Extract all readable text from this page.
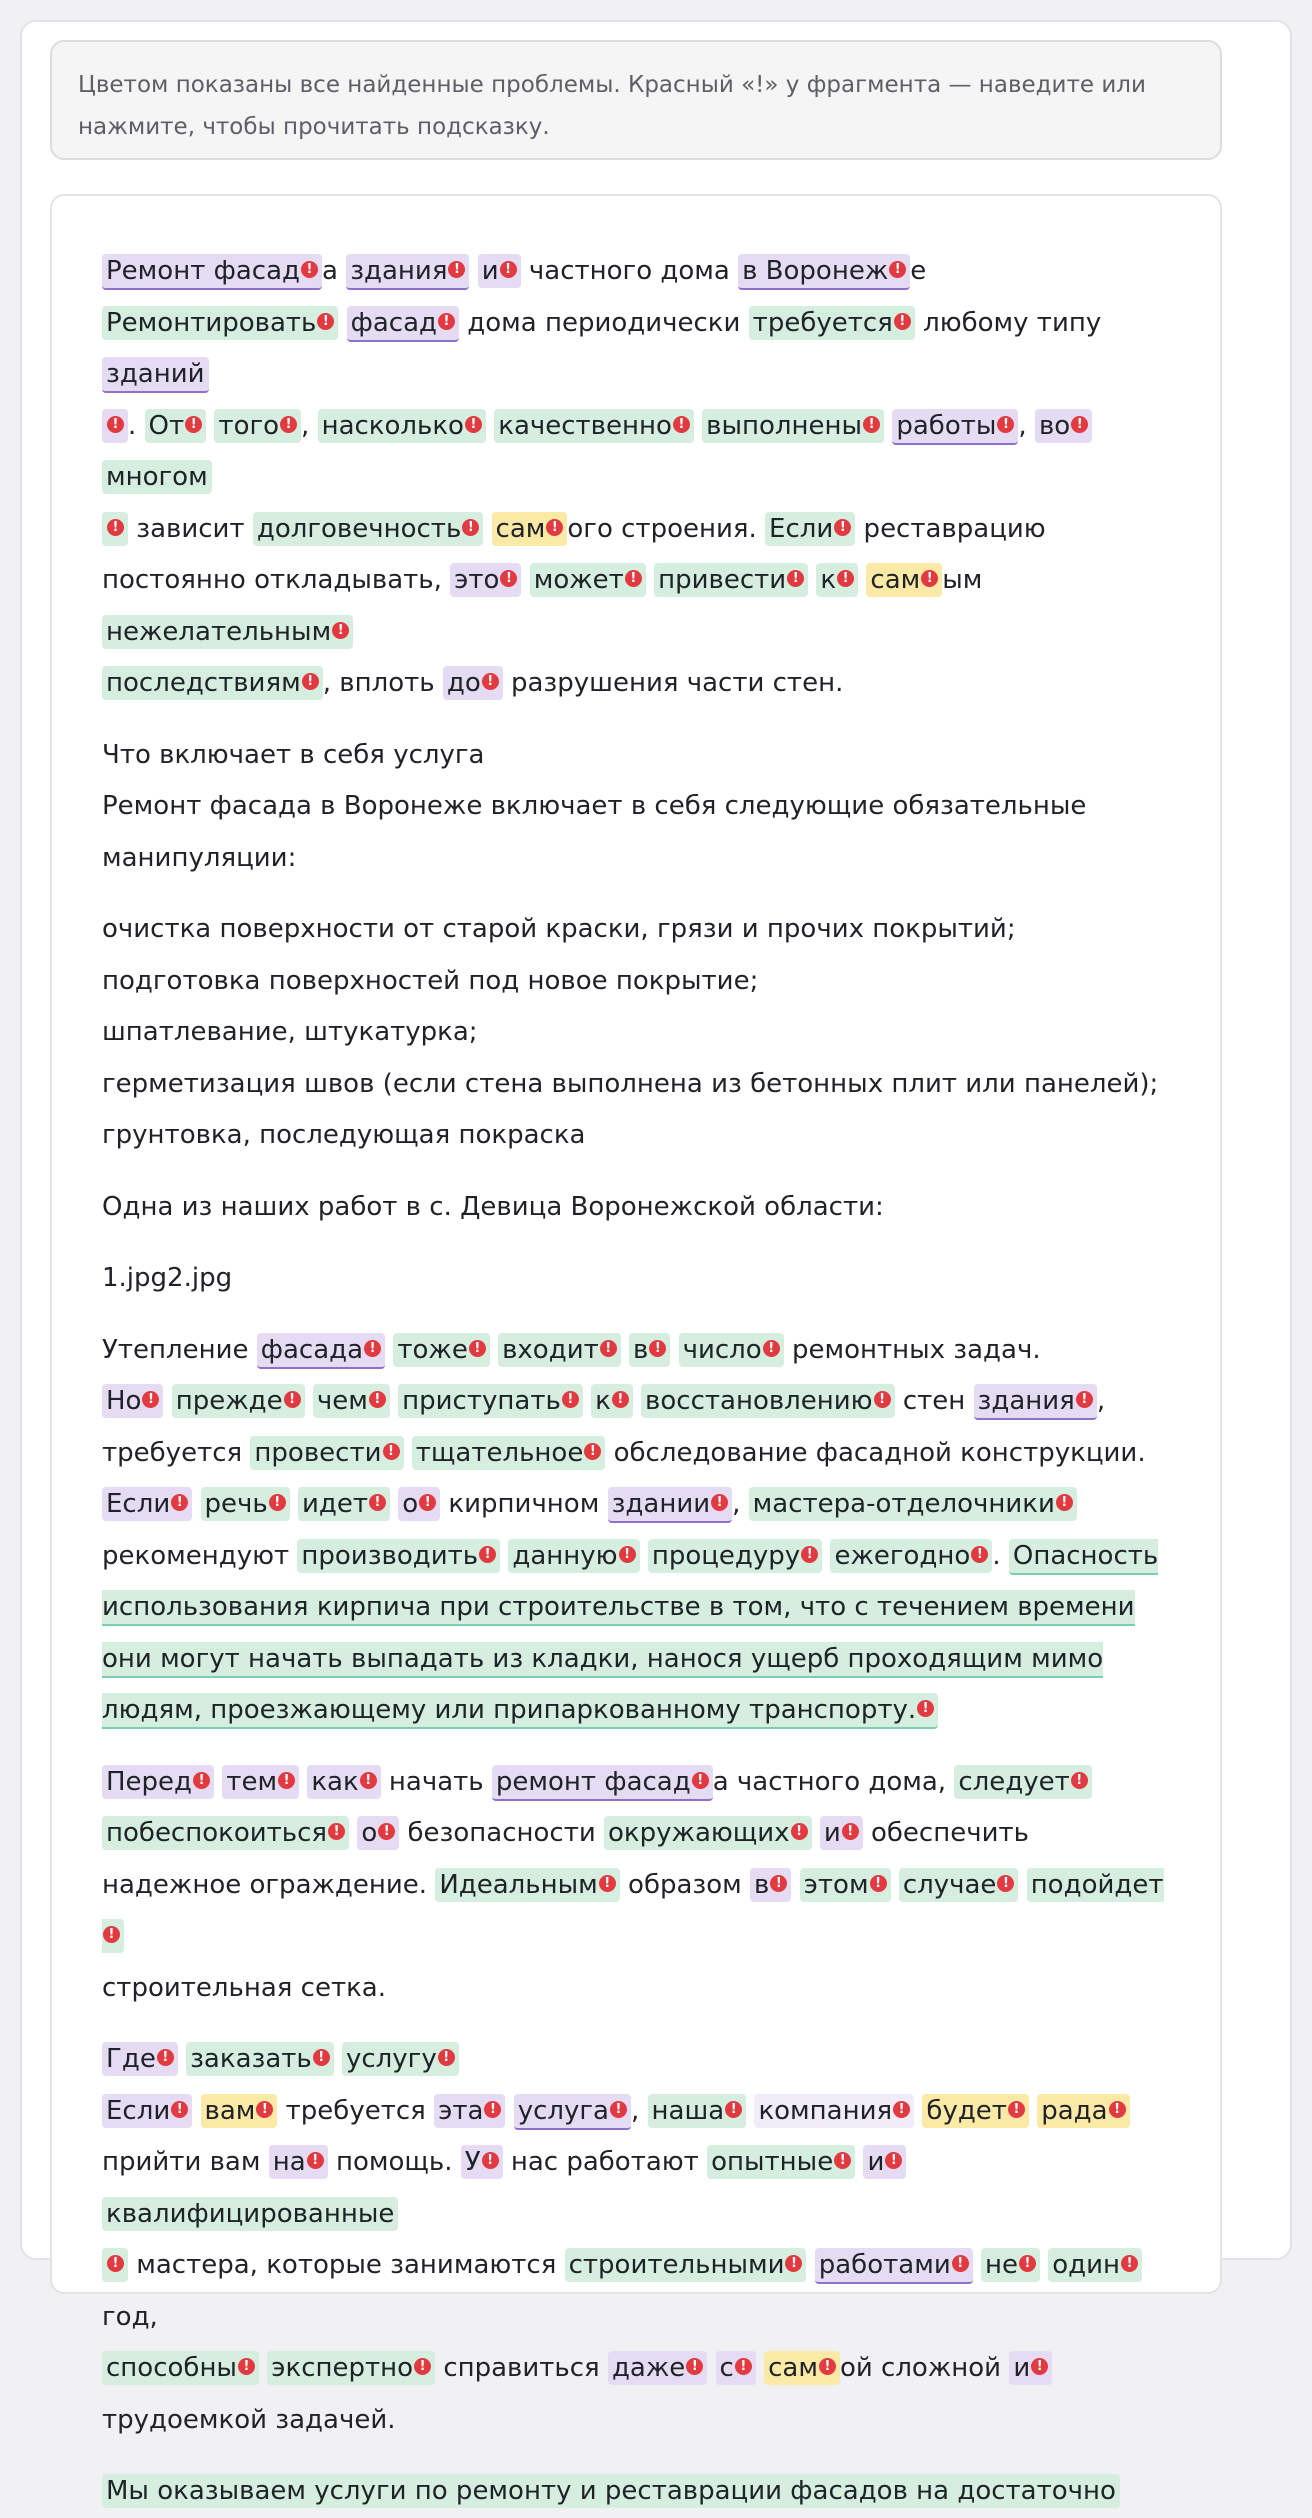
Цветом показаны все найденные проблемы. Красный «!» у фрагмента — наведите или нажмите, чтобы прочитать подсказку.
Ремонт фасад ! а здания ! и ! частного дома в Воронеж ! е
Ремонтировать ! фасад ! дома периодически требуется ! любому типу зданий
! . От ! того ! , насколько ! качественно ! выполнены ! работы ! , во ! многом
! зависит долговечность ! сам ! ого строения. Если ! реставрацию постоянно откладывать, это ! может ! привести ! к ! сам ! ым нежелательным !
последствиям ! , вплоть до ! разрушения части стен.
Что включает в себя услуга
Ремонт фасада в Воронеже включает в себя следующие обязательные манипуляции:
очистка поверхности от старой краски, грязи и прочих покрытий;
подготовка поверхностей под новое покрытие;
шпатлевание, штукатурка;
герметизация швов (если стена выполнена из бетонных плит или панелей);
грунтовка, последующая покраска
Одна из наших работ в с. Девица Воронежской области:
1.jpg2.jpg
Утепление фасада ! тоже ! входит ! в ! число ! ремонтных задач.
Но ! прежде ! чем ! приступать ! к ! восстановлению ! стен здания ! ,
требуется провести ! тщательное ! обследование фасадной конструкции.
Если ! речь ! идет ! о ! кирпичном здании ! , мастера-отделочники !
рекомендуют производить ! данную ! процедуру ! ежегодно ! . Опасность использования кирпича при строительстве в том, что с течением времени они могут начать выпадать из кладки, нанося ущерб проходящим мимо людям, проезжающему или припаркованному транспорту. !
Перед ! тем ! как ! начать ремонт фасад ! а частного дома, следует !
побеспокоиться ! о ! безопасности окружающих ! и ! обеспечить надежное ограждение. Идеальным ! образом в ! этом ! случае ! подойдет!
строительная сетка.
Где ! заказать ! услугу !
Если ! вам ! требуется эта ! услуга ! , наша ! компания ! будет ! рада !
прийти вам на ! помощь. У ! нас работают опытные ! и ! квалифицированные
! мастера, которые занимаются строительными ! работами ! не ! один ! год,
способны ! экспертно ! справиться даже ! с ! сам ! ой сложной и !
трудоемкой задачей.
Мы оказываем услуги по ремонту и реставрации фасадов на достаточно
